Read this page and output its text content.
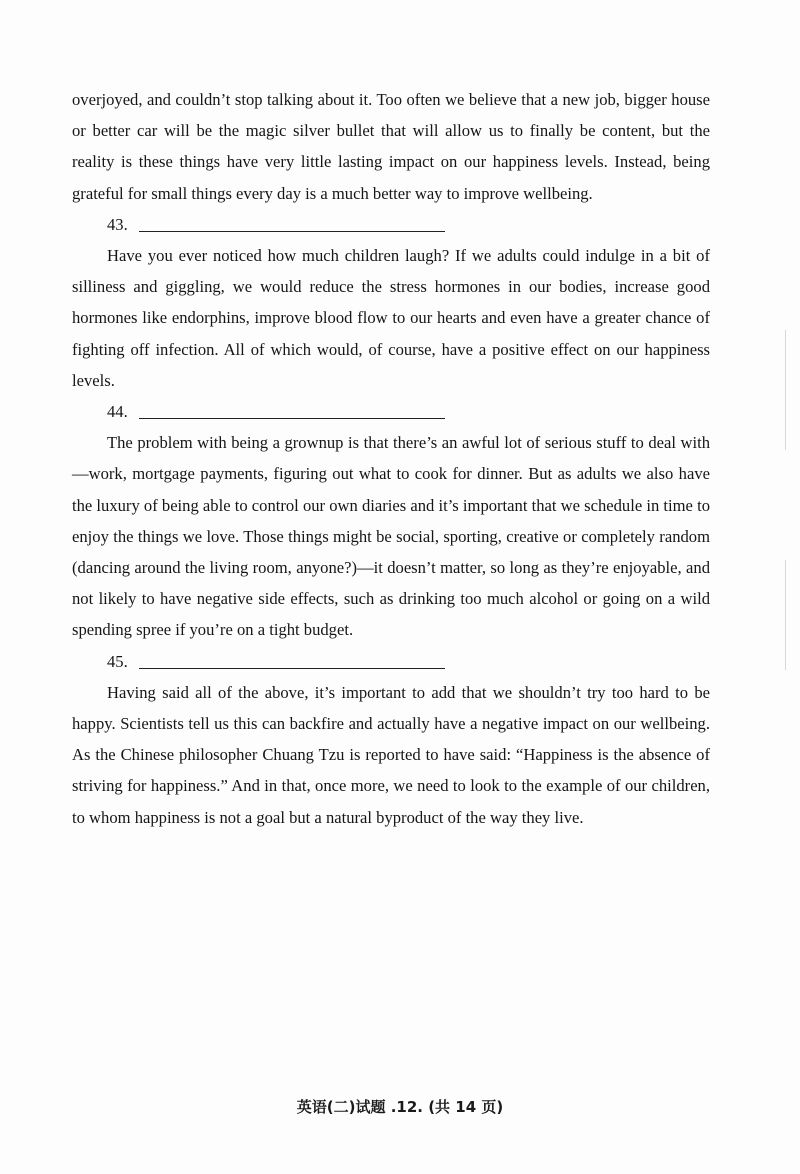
overjoyed, and couldn’t stop talking about it. Too often we believe that a new job, bigger house or better car will be the magic silver bullet that will allow us to finally be content, but the reality is these things have very little lasting impact on our happiness levels. Instead, being grateful for small things every day is a much better way to improve wellbeing.

43.

Have you ever noticed how much children laugh? If we adults could indulge in a bit of silliness and giggling, we would reduce the stress hormones in our bodies, increase good hormones like endorphins, improve blood flow to our hearts and even have a greater chance of fighting off infection. All of which would, of course, have a positive effect on our happiness levels.

44.

The problem with being a grownup is that there’s an awful lot of serious stuff to deal with—work, mortgage payments, figuring out what to cook for dinner. But as adults we also have the luxury of being able to control our own diaries and it’s important that we schedule in time to enjoy the things we love. Those things might be social, sporting, creative or completely random (dancing around the living room, anyone?)—it doesn’t matter, so long as they’re enjoyable, and not likely to have negative side effects, such as drinking too much alcohol or going on a wild spending spree if you’re on a tight budget.

45.

Having said all of the above, it’s important to add that we shouldn’t try too hard to be happy. Scientists tell us this can backfire and actually have a negative impact on our wellbeing. As the Chinese philosopher Chuang Tzu is reported to have said: “Happiness is the absence of striving for happiness.” And in that, once more, we need to look to the example of our children, to whom happiness is not a goal but a natural byproduct of the way they live.

英语(二)试题 .12. (共 14 页)
